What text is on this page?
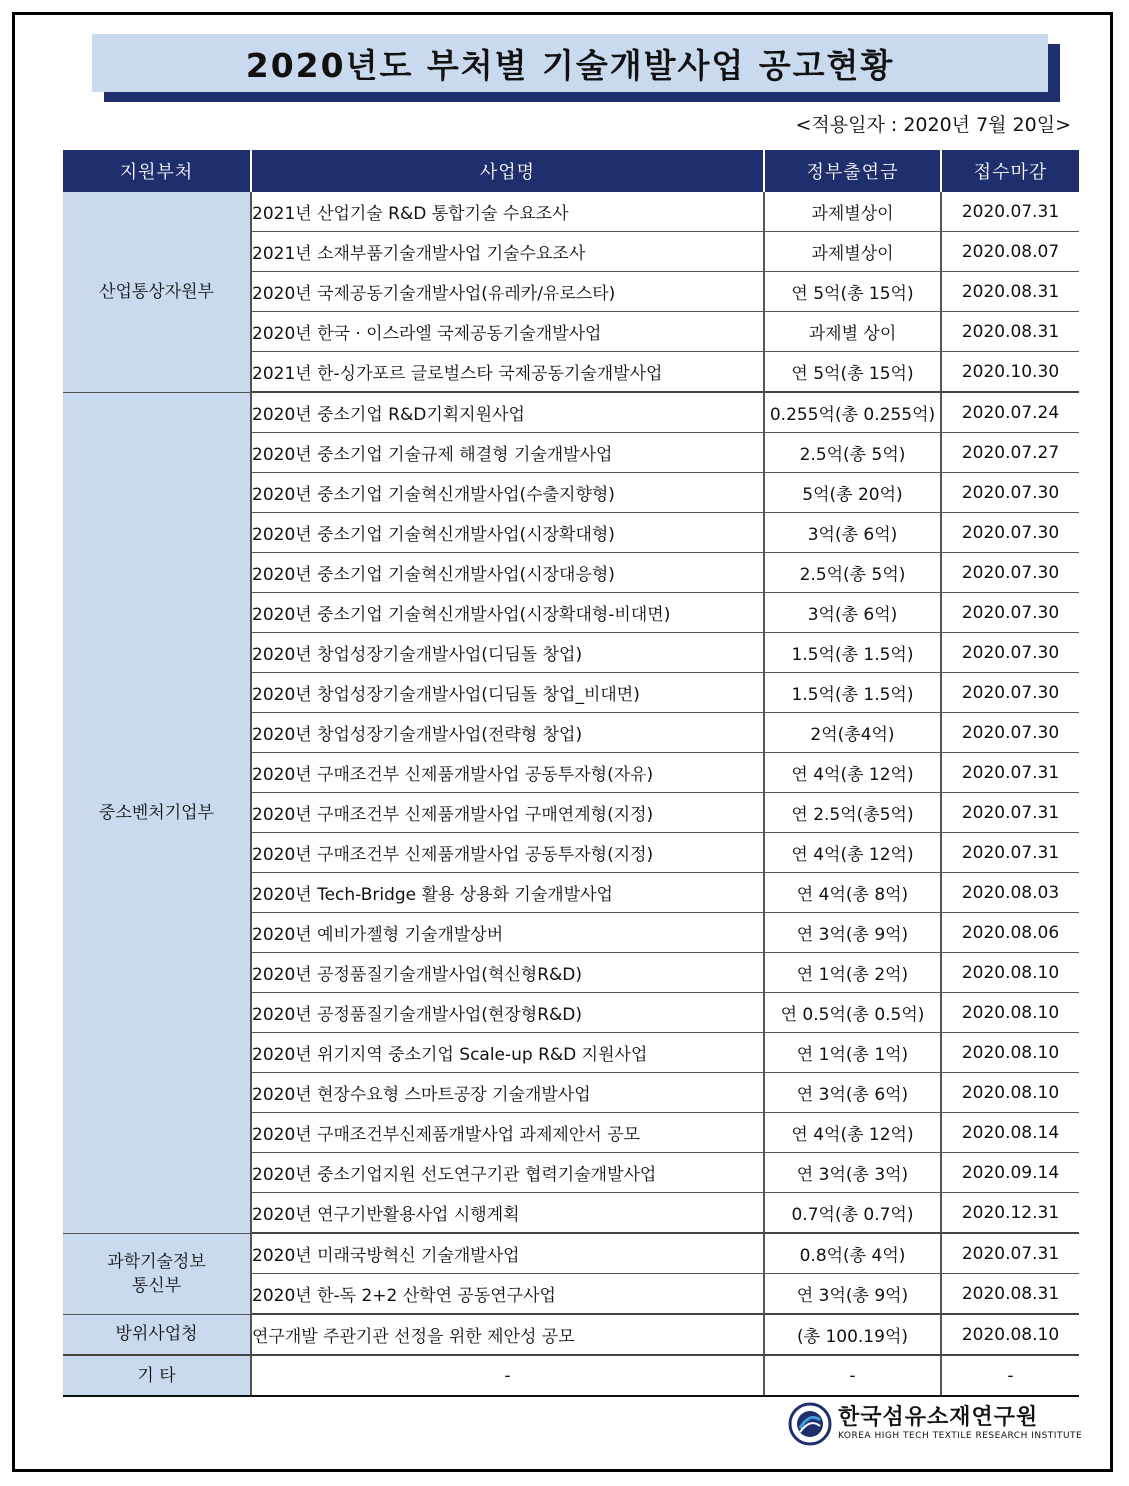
2020년도 부처별 기술개발사업 공고현황
<적용일자 : 2020년 7월 20일>
지원부처	사업명	정부출연금	접수마감
산업통상자원부	2021년 산업기술 R&D 통합기술 수요조사	과제별상이	2020.07.31
	2021년 소재부품기술개발사업 기술수요조사	과제별상이	2020.08.07
	2020년 국제공동기술개발사업(유레카/유로스타)	연 5억(총 15억)	2020.08.31
	2020년 한국 · 이스라엘 국제공동기술개발사업	과제별 상이	2020.08.31
	2021년 한-싱가포르 글로벌스타 국제공동기술개발사업	연 5억(총 15억)	2020.10.30
중소벤처기업부	2020년 중소기업 R&D기획지원사업	0.255억(총 0.255억)	2020.07.24
	2020년 중소기업 기술규제 해결형 기술개발사업	2.5억(총 5억)	2020.07.27
	2020년 중소기업 기술혁신개발사업(수출지향형)	5억(총 20억)	2020.07.30
	2020년 중소기업 기술혁신개발사업(시장확대형)	3억(총 6억)	2020.07.30
	2020년 중소기업 기술혁신개발사업(시장대응형)	2.5억(총 5억)	2020.07.30
	2020년 중소기업 기술혁신개발사업(시장확대형-비대면)	3억(총 6억)	2020.07.30
	2020년 창업성장기술개발사업(디딤돌 창업)	1.5억(총 1.5억)	2020.07.30
	2020년 창업성장기술개발사업(디딤돌 창업_비대면)	1.5억(총 1.5억)	2020.07.30
	2020년 창업성장기술개발사업(전략형 창업)	2억(총4억)	2020.07.30
	2020년 구매조건부 신제품개발사업 공동투자형(자유)	연 4억(총 12억)	2020.07.31
	2020년 구매조건부 신제품개발사업 구매연계형(지정)	연 2.5억(총5억)	2020.07.31
	2020년 구매조건부 신제품개발사업 공동투자형(지정)	연 4억(총 12억)	2020.07.31
	2020년 Tech-Bridge 활용 상용화 기술개발사업	연 4억(총 8억)	2020.08.03
	2020년 예비가젤형 기술개발상버	연 3억(총 9억)	2020.08.06
	2020년 공정품질기술개발사업(혁신형R&D)	연 1억(총 2억)	2020.08.10
	2020년 공정품질기술개발사업(현장형R&D)	연 0.5억(총 0.5억)	2020.08.10
	2020년 위기지역 중소기업 Scale-up R&D 지원사업	연 1억(총 1억)	2020.08.10
	2020년 현장수요형 스마트공장 기술개발사업	연 3억(총 6억)	2020.08.10
	2020년 구매조건부신제품개발사업 과제제안서 공모	연 4억(총 12억)	2020.08.14
	2020년 중소기업지원 선도연구기관 협력기술개발사업	연 3억(총 3억)	2020.09.14
	2020년 연구기반활용사업 시행계획	0.7억(총 0.7억)	2020.12.31

과학기술정보
통신부	2020년 미래국방혁신 기술개발사업	0.8억(총 4억)	2020.07.31
	2020년 한-독 2+2 산학연 공동연구사업	연 3억(총 9억)	2020.08.31
방위사업청	연구개발 주관기관 선정을 위한 제안성 공모	(총 100.19억)	2020.08.10
기 타	-	-	-
한국섬유소재연구원
KOREA HIGH TECH TEXTILE RESEARCH INSTITUTE
